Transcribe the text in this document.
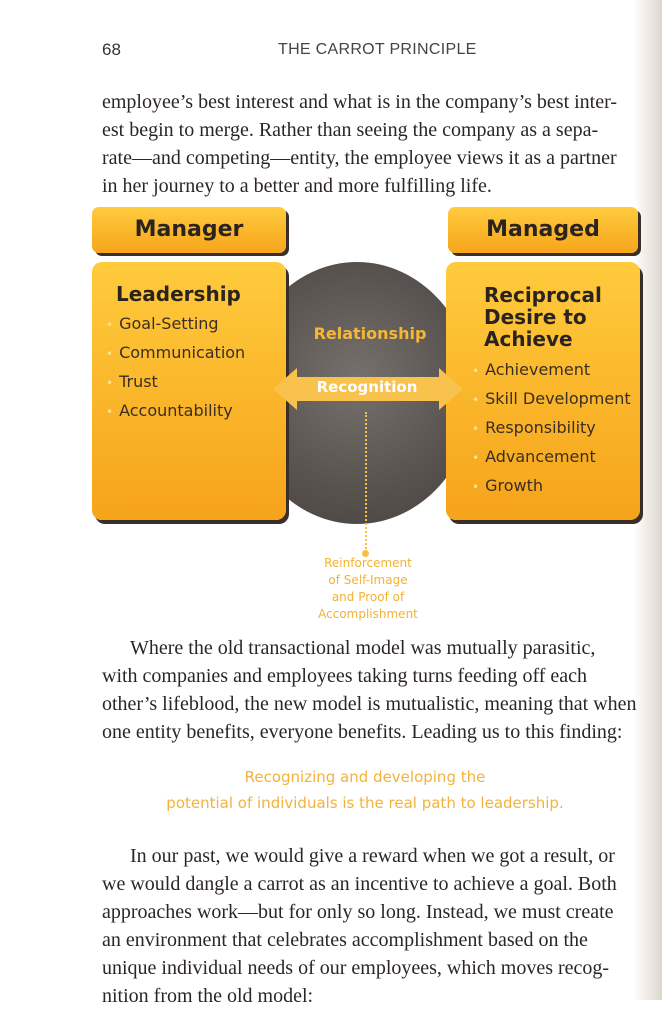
68	THE CARROT PRINCIPLE
employee’s best interest and what is in the company’s best inter-
est begin to merge. Rather than seeing the company as a sepa-
rate—and competing—entity, the employee views it as a partner
in her journey to a better and more fulfilling life.
Manager	Managed
Leadership
• Goal-Setting
• Communication
• Trust
• Accountability
Reciprocal
Desire to
Achieve
• Achievement
• Skill Development
• Responsibility
• Advancement
• Growth
Relationship
Recognition
Reinforcement
of Self-Image
and Proof of
Accomplishment
Where the old transactional model was mutually parasitic,
with companies and employees taking turns feeding off each
other’s lifeblood, the new model is mutualistic, meaning that when
one entity benefits, everyone benefits. Leading us to this finding:
Recognizing and developing the
potential of individuals is the real path to leadership.
In our past, we would give a reward when we got a result, or
we would dangle a carrot as an incentive to achieve a goal. Both
approaches work—but for only so long. Instead, we must create
an environment that celebrates accomplishment based on the
unique individual needs of our employees, which moves recog-
nition from the old model:
